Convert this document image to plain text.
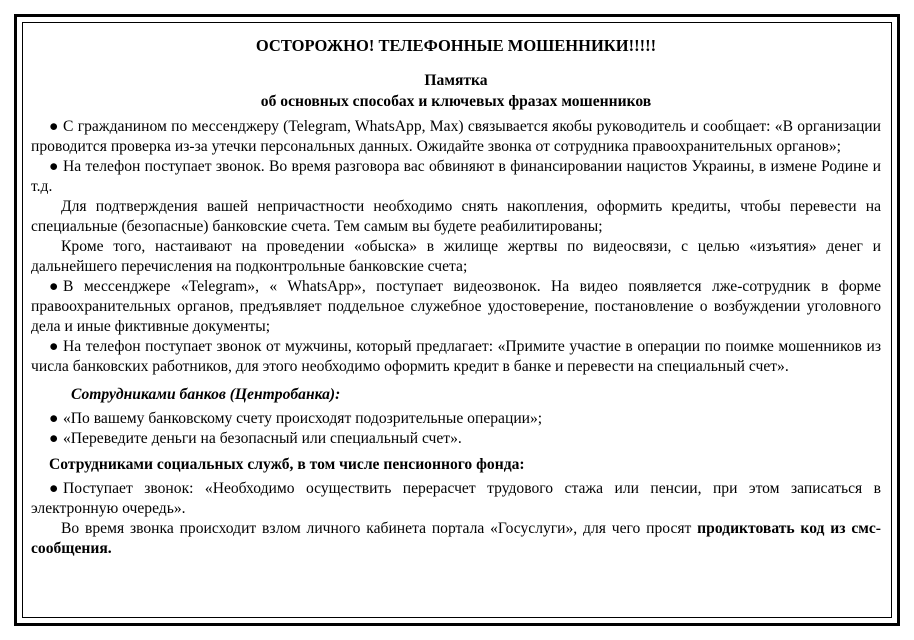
ОСТОРОЖНО! ТЕЛЕФОННЫЕ МОШЕННИКИ!!!!!
Памятка
об основных способах и ключевых фразах мошенников

● С гражданином по мессенджеру (Telegram, WhatsApp, Max) связывается якобы руководитель и сообщает: «В организации проводится проверка из-за утечки персональных данных. Ожидайте звонка от сотрудника правоохранительных органов»;

● На телефон поступает звонок. Во время разговора вас обвиняют в финансировании нацистов Украины, в измене Родине и т.д.

Для подтверждения вашей непричастности необходимо снять накопления, оформить кредиты, чтобы перевести на специальные (безопасные) банковские счета. Тем самым вы будете реабилитированы;

Кроме того, настаивают на проведении «обыска» в жилище жертвы по видеосвязи, с целью «изъятия» денег и дальнейшего перечисления на подконтрольные банковские счета;

● В мессенджере «Telegram», « WhatsApp», поступает видеозвонок. На видео появляется лже-сотрудник в форме правоохранительных органов, предъявляет поддельное служебное удостоверение, постановление о возбуждении уголовного дела и иные фиктивные документы;

● На телефон поступает звонок от мужчины, который предлагает: «Примите участие в операции по поимке мошенников из числа банковских работников, для этого необходимо оформить кредит в банке и перевести на специальный счет».

Сотрудниками банков (Центробанка):

● «По вашему банковскому счету происходят подозрительные операции»;

● «Переведите деньги на безопасный или специальный счет».

Сотрудниками социальных служб, в том числе пенсионного фонда:

● Поступает звонок: «Необходимо осуществить перерасчет трудового стажа или пенсии, при этом записаться в электронную очередь».

Во время звонка происходит взлом личного кабинета портала «Госуслуги», для чего просят продиктовать код из смс-сообщения.
